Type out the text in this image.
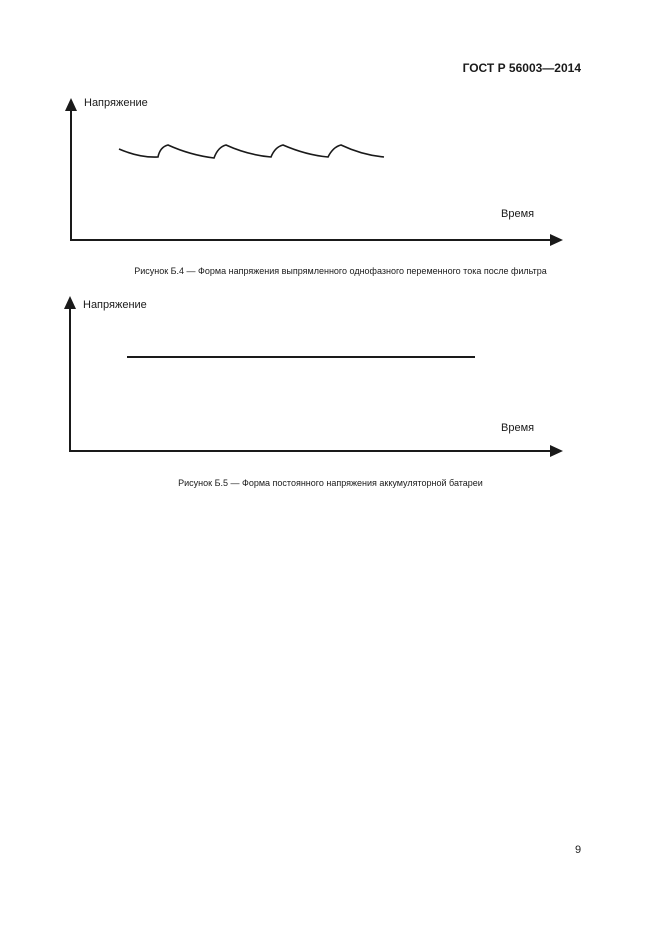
ГОСТ Р 56003—2014
Напряжение
Время
Рисунок Б.4 — Форма напряжения выпрямленного однофазного переменного тока после фильтра
Напряжение
Время
Рисунок Б.5 — Форма постоянного напряжения аккумуляторной батареи
9
